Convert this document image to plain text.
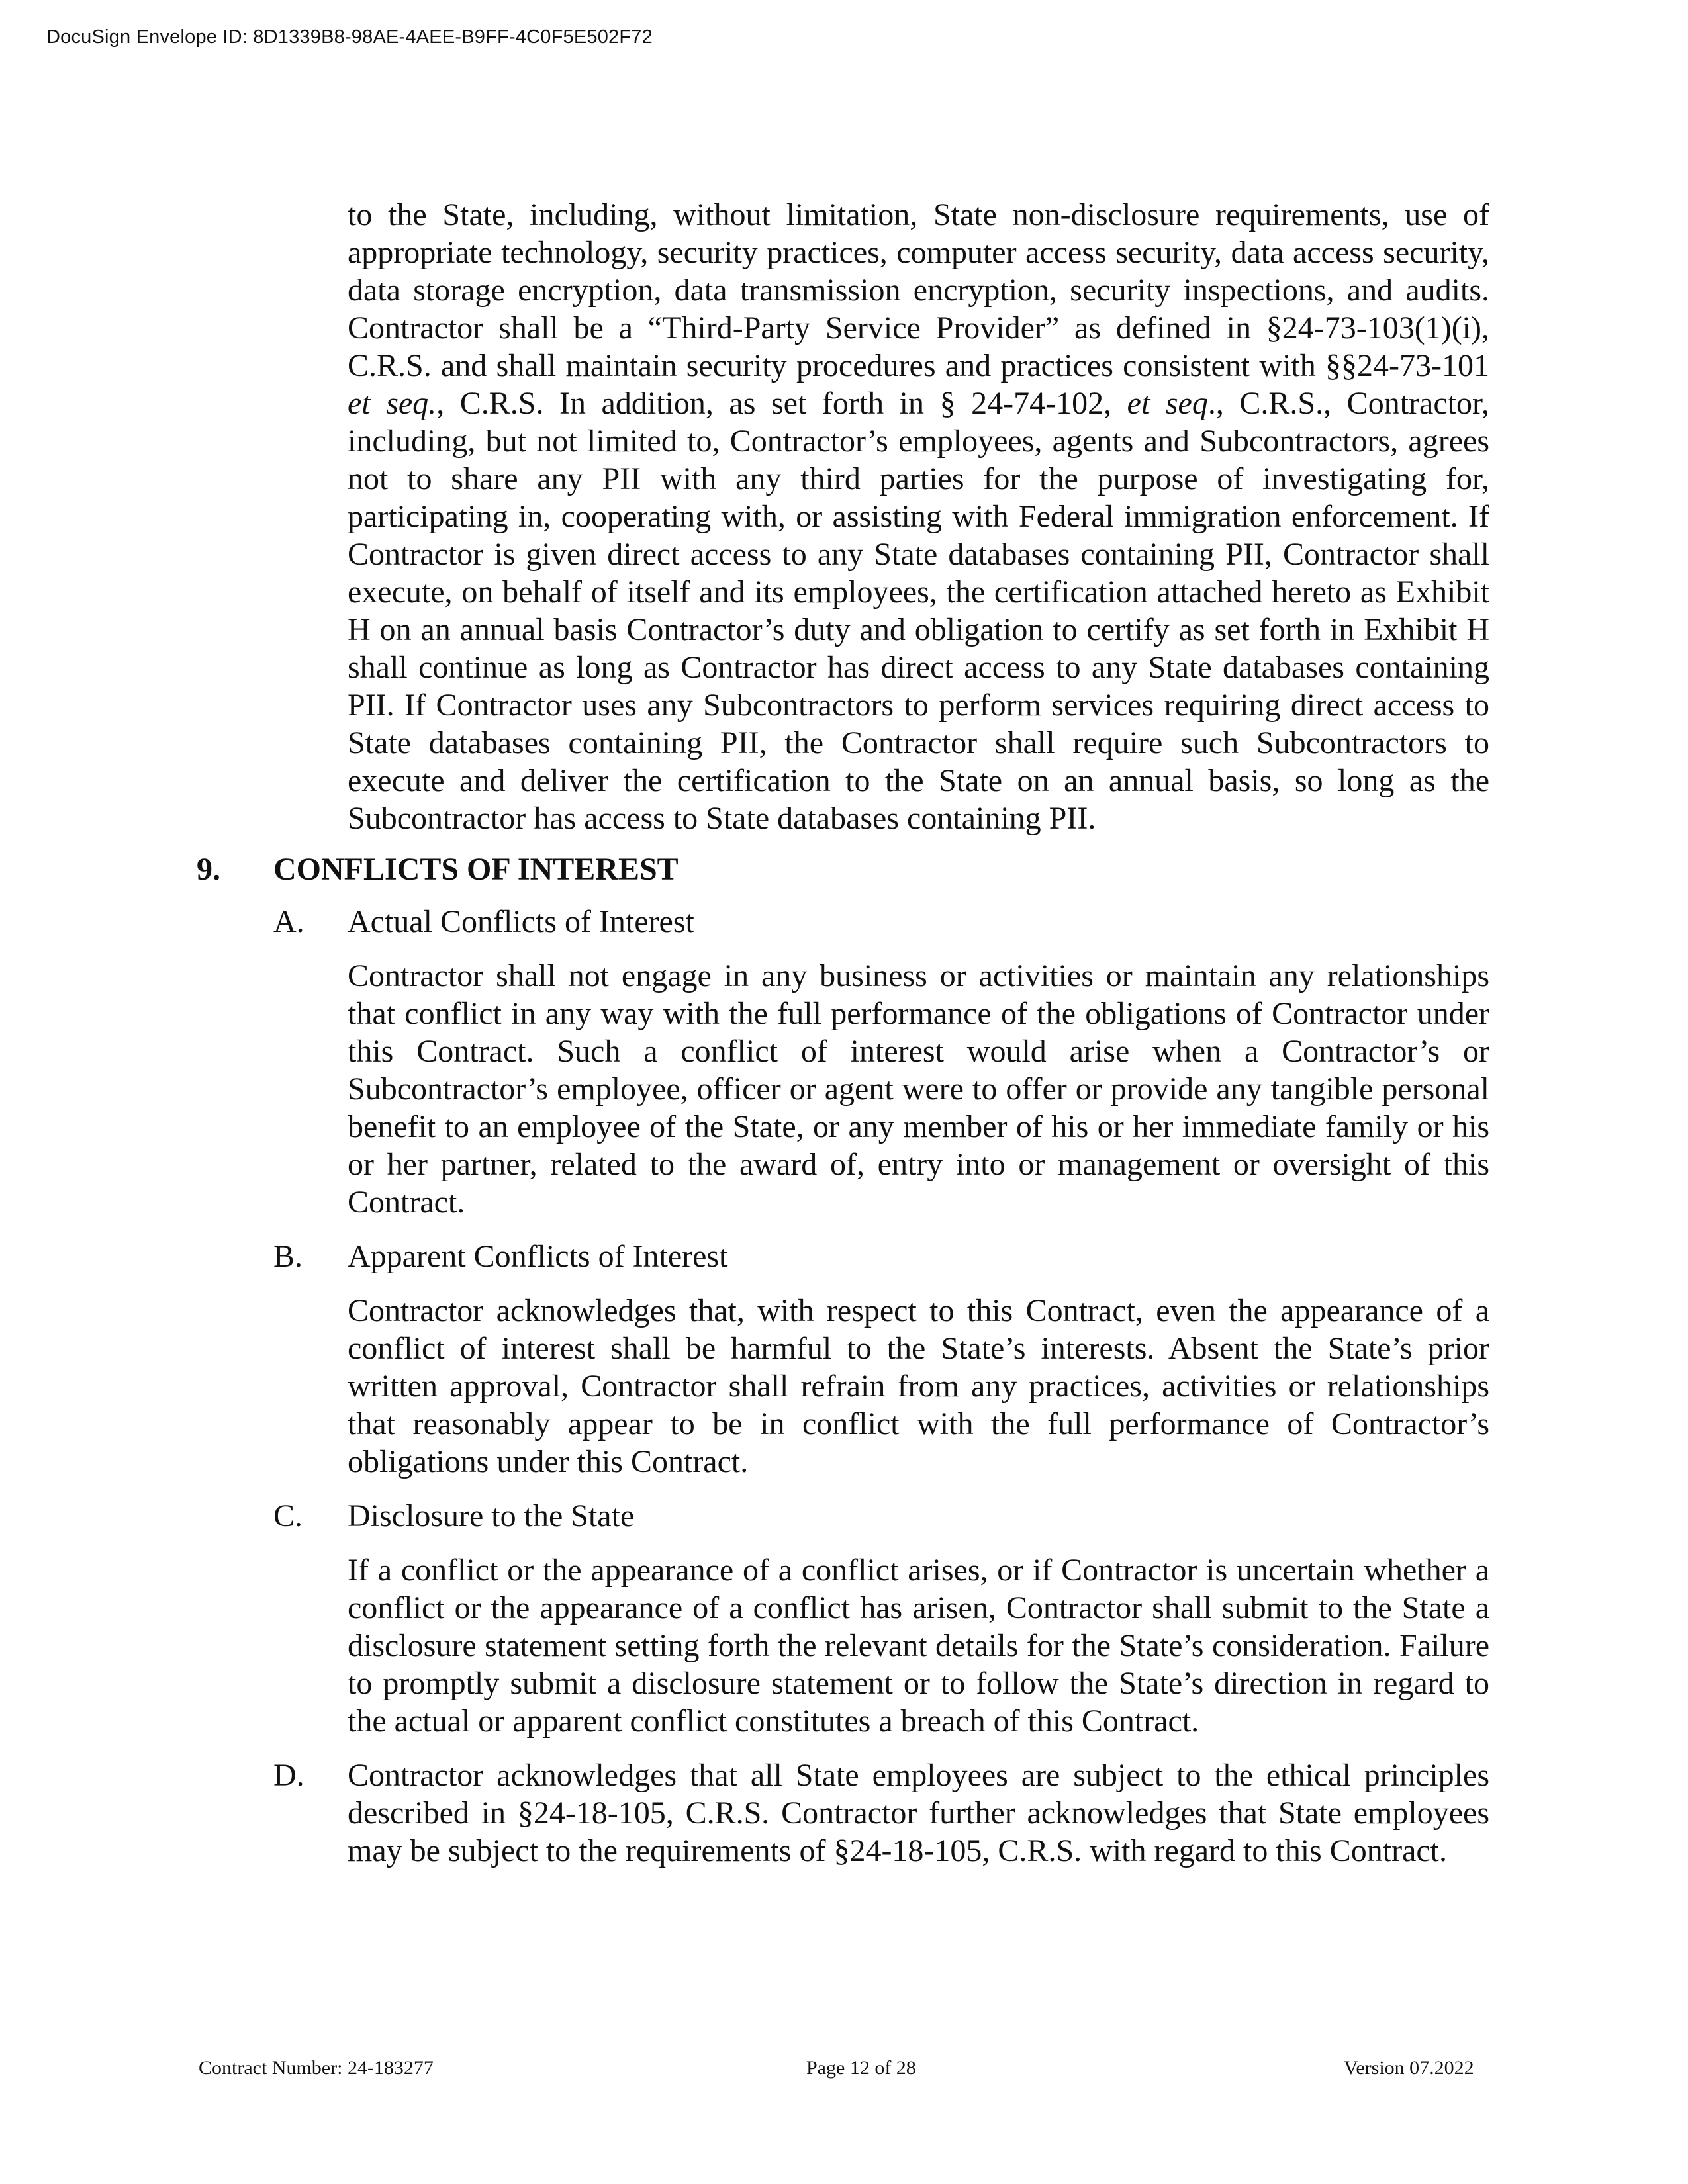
DocuSign Envelope ID: 8D1339B8-98AE-4AEE-B9FF-4C0F5E502F72

to the State, including, without limitation, State non-disclosure requirements, use of appropriate technology, security practices, computer access security, data access security, data storage encryption, data transmission encryption, security inspections, and audits. Contractor shall be a “Third-Party Service Provider” as defined in §24-73-103(1)(i), C.R.S. and shall maintain security procedures and practices consistent with §§24-73-101 et seq., C.R.S. In addition, as set forth in § 24-74-102, et seq., C.R.S., Contractor, including, but not limited to, Contractor’s employees, agents and Subcontractors, agrees not to share any PII with any third parties for the purpose of investigating for, participating in, cooperating with, or assisting with Federal immigration enforcement. If Contractor is given direct access to any State databases containing PII, Contractor shall execute, on behalf of itself and its employees, the certification attached hereto as Exhibit H on an annual basis Contractor’s duty and obligation to certify as set forth in Exhibit H shall continue as long as Contractor has direct access to any State databases containing PII. If Contractor uses any Subcontractors to perform services requiring direct access to State databases containing PII, the Contractor shall require such Subcontractors to execute and deliver the certification to the State on an annual basis, so long as the Subcontractor has access to State databases containing PII.

9. CONFLICTS OF INTEREST
A. Actual Conflicts of Interest

Contractor shall not engage in any business or activities or maintain any relationships that conflict in any way with the full performance of the obligations of Contractor under this Contract. Such a conflict of interest would arise when a Contractor’s or Subcontractor’s employee, officer or agent were to offer or provide any tangible personal benefit to an employee of the State, or any member of his or her immediate family or his or her partner, related to the award of, entry into or management or oversight of this Contract.

B. Apparent Conflicts of Interest

Contractor acknowledges that, with respect to this Contract, even the appearance of a conflict of interest shall be harmful to the State’s interests. Absent the State’s prior written approval, Contractor shall refrain from any practices, activities or relationships that reasonably appear to be in conflict with the full performance of Contractor’s obligations under this Contract.

C. Disclosure to the State

If a conflict or the appearance of a conflict arises, or if Contractor is uncertain whether a conflict or the appearance of a conflict has arisen, Contractor shall submit to the State a disclosure statement setting forth the relevant details for the State’s consideration. Failure to promptly submit a disclosure statement or to follow the State’s direction in regard to the actual or apparent conflict constitutes a breach of this Contract.

D. Contractor acknowledges that all State employees are subject to the ethical principles described in §24-18-105, C.R.S. Contractor further acknowledges that State employees may be subject to the requirements of §24-18-105, C.R.S. with regard to this Contract.

Contract Number: 24-183277	Page 12 of 28	Version 07.2022
